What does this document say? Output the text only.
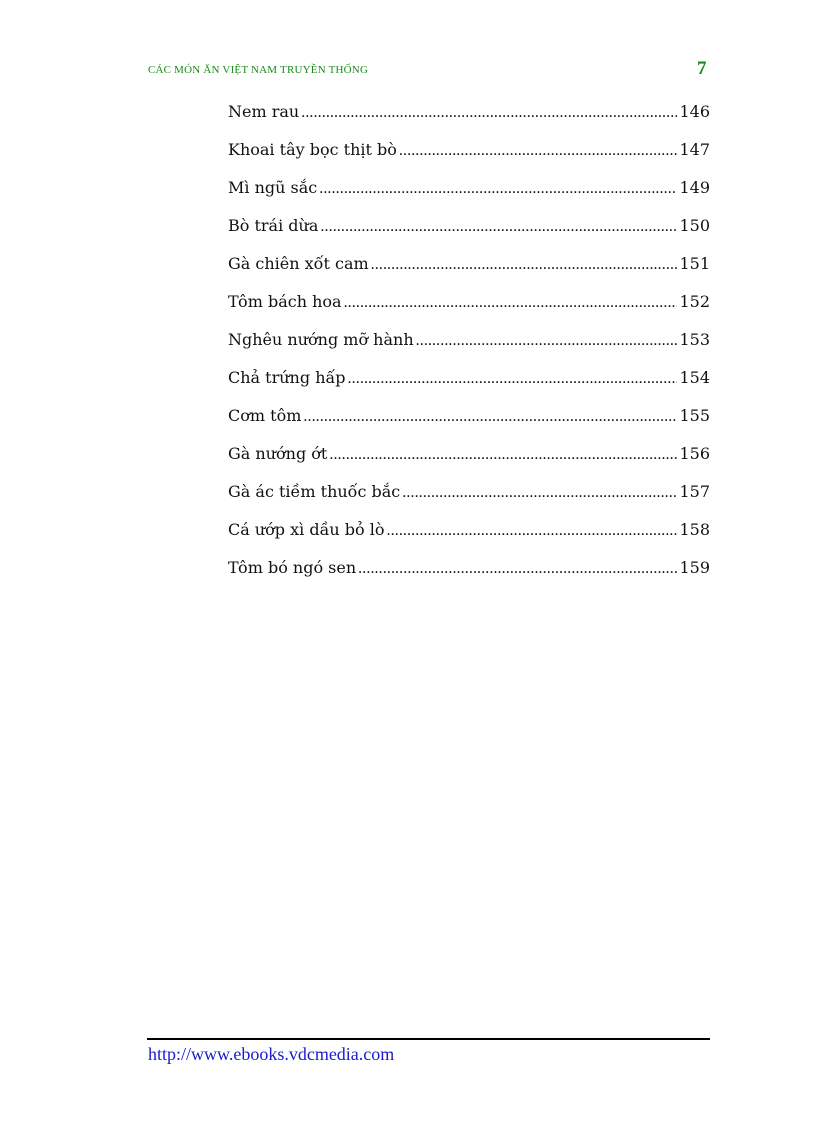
CÁC MÓN ĂN VIỆT NAM TRUYỀN THỐNG	7
Nem rau .....	146
Khoai tây bọc thịt bò .....	147
Mì ngũ sắc .....	149
Bò trái dừa .....	150
Gà chiên xốt cam .....	151
Tôm bách hoa .....	152
Nghêu nướng mỡ hành .....	153
Chả trứng hấp .....	154
Cơm tôm .....	155
Gà nướng ớt .....	156
Gà ác tiềm thuốc bắc .....	157
Cá ướp xì dầu bỏ lò .....	158
Tôm bó ngó sen .....	159
http://www.ebooks.vdcmedia.com
